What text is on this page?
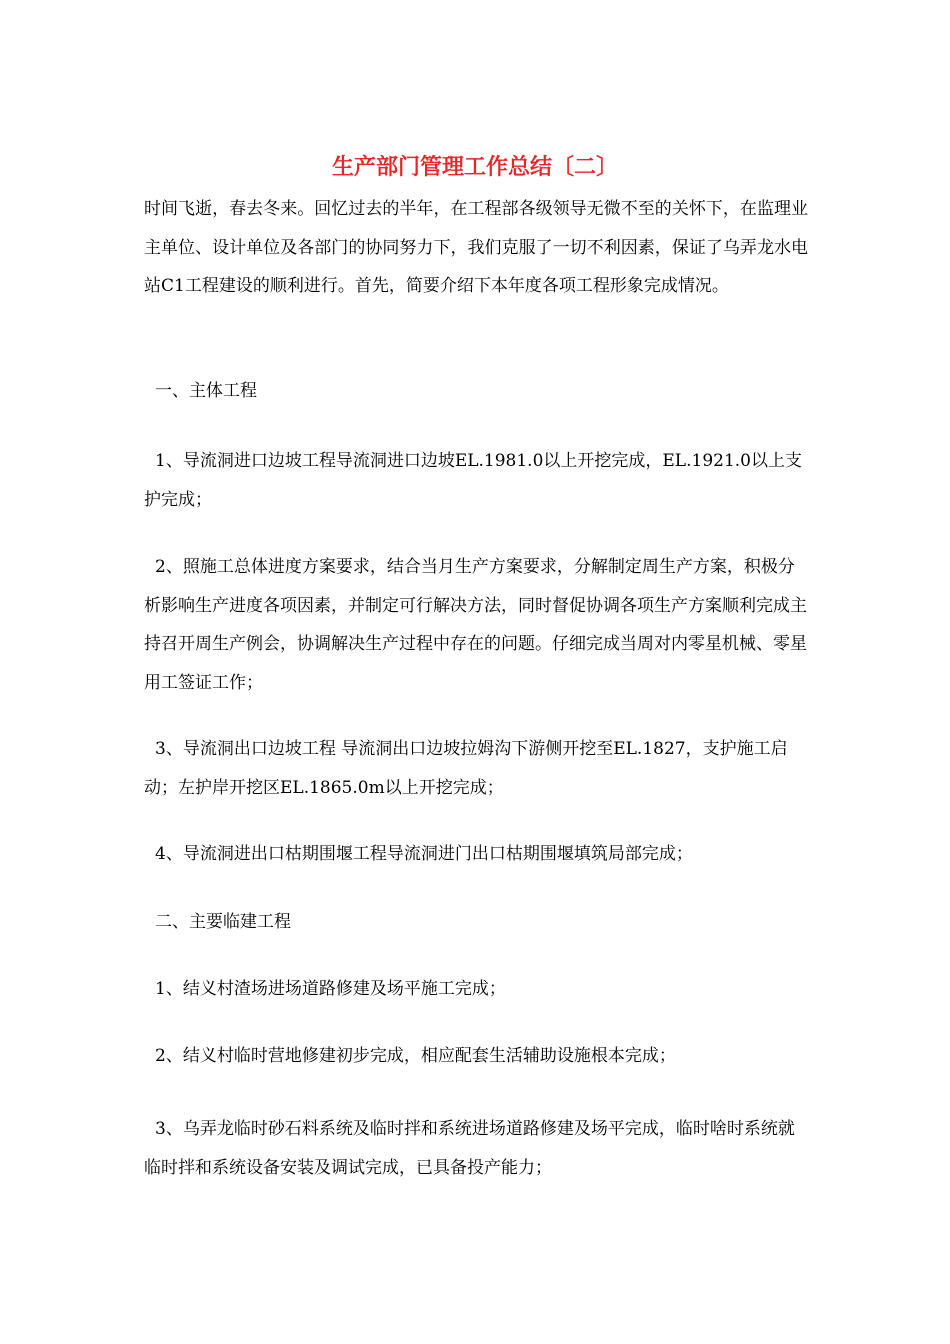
生产部门管理工作总结〔二〕
时间飞逝，春去冬来。回忆过去的半年，在工程部各级领导无微不至的关怀下，在监理业主单位、设计单位及各部门的协同努力下，我们克服了一切不利因素，保证了乌弄龙水电站C1工程建设的顺利进行。首先，简要介绍下本年度各项工程形象完成情况。
一、主体工程
1、导流洞进口边坡工程导流洞进口边坡EL.1981.0以上开挖完成，EL.1921.0以上支护完成；
2、照施工总体进度方案要求，结合当月生产方案要求，分解制定周生产方案，积极分析影响生产进度各项因素，并制定可行解决方法，同时督促协调各项生产方案顺利完成主持召开周生产例会，协调解决生产过程中存在的问题。仔细完成当周对内零星机械、零星用工签证工作；
3、导流洞出口边坡工程 导流洞出口边坡拉姆沟下游侧开挖至EL.1827，支护施工启动；左护岸开挖区EL.1865.0m以上开挖完成；
4、导流洞进出口枯期围堰工程导流洞进门出口枯期围堰填筑局部完成；
二、主要临建工程
1、结义村渣场进场道路修建及场平施工完成；
2、结义村临时营地修建初步完成，相应配套生活辅助设施根本完成；
3、乌弄龙临时砂石料系统及临时拌和系统进场道路修建及场平完成，临时啥时系统就临时拌和系统设备安装及调试完成，已具备投产能力；
